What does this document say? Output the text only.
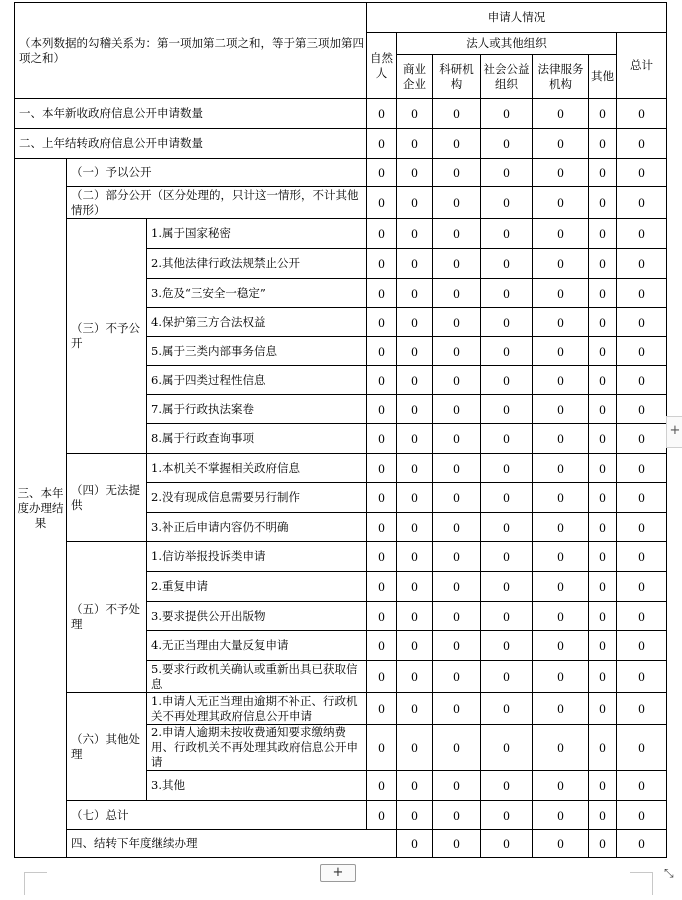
（本列数据的勾稽关系为：第一项加第二项之和，等于第三项加第四项之和）			申请人情况							
			自然人	法人或其他组织					总计	
				商业企业	科研机构	社会公益组织	法律服务机构	其他		
一、本年新收政府信息公开申请数量			0	0	0	0	0	0	0	
二、上年结转政府信息公开申请数量			0	0	0	0	0	0	0	
三、本年度办理结果	（一）予以公开		0	0	0	0	0	0	0	
	（二）部分公开（区分处理的，只计这一情形，不计其他情形）		0	0	0	0	0	0	0	
	（三）不予公开	1.属于国家秘密	0	0	0	0	0	0	0	
		2.其他法律行政法规禁止公开	0	0	0	0	0	0	0	
		3.危及“三安全一稳定”	0	0	0	0	0	0	0	
		4.保护第三方合法权益	0	0	0	0	0	0	0	
		5.属于三类内部事务信息	0	0	0	0	0	0	0	
		6.属于四类过程性信息	0	0	0	0	0	0	0	
		7.属于行政执法案卷	0	0	0	0	0	0	0	
		8.属于行政查询事项	0	0	0	0	0	0	0	
	（四）无法提供	1.本机关不掌握相关政府信息	0	0	0	0	0	0	0	
		2.没有现成信息需要另行制作	0	0	0	0	0	0	0	
		3.补正后申请内容仍不明确	0	0	0	0	0	0	0	
	（五）不予处理	1.信访举报投诉类申请	0	0	0	0	0	0	0	
		2.重复申请	0	0	0	0	0	0	0	
		3.要求提供公开出版物	0	0	0	0	0	0	0	
		4.无正当理由大量反复申请	0	0	0	0	0	0	0	
		5.要求行政机关确认或重新出具已获取信息	0	0	0	0	0	0	0	
	（六）其他处理	1.申请人无正当理由逾期不补正、行政机关不再处理其政府信息公开申请	0	0	0	0	0	0	0	
		2.申请人逾期未按收费通知要求缴纳费用、行政机关不再处理其政府信息公开申请	0	0	0	0	0	0	0	
		3.其他	0	0	0	0	0	0	0	
	（七）总计		0	0	0	0	0	0	0	
	四、结转下年度继续办理			0	0	0	0	0	0	
+
+	⤡
